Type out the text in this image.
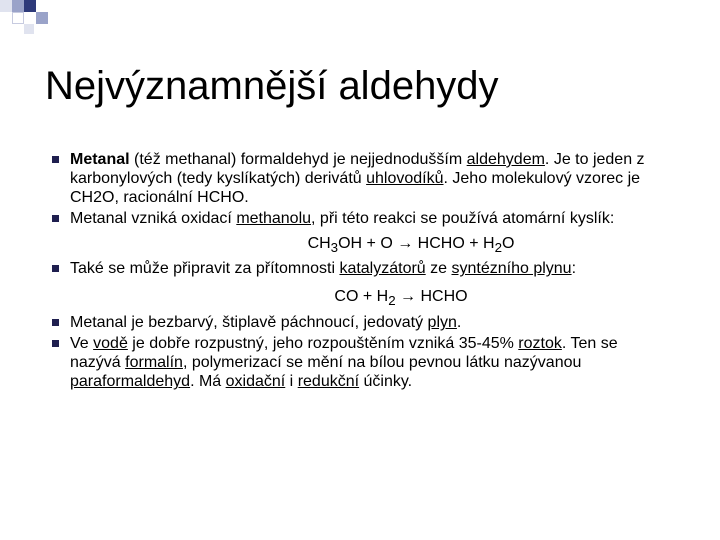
Nejvýznamnější aldehydy
Metanal (též methanal) formaldehyd je nejjednodušším aldehydem. Je to jeden z karbonylových (tedy kyslíkatých) derivátů uhlovodíků. Jeho molekulový vzorec je CH2O, racionální HCHO.
Metanal vzniká oxidací methanolu, při této reakci se používá atomární kyslík:
$CH_3OH + O$ → HCHO + $H_2O$
Také se může připravit za přítomnosti katalyzátorů ze syntézního plynu:
CO + $H_2$ → HCHO
Metanal je bezbarvý, štiplavě páchnoucí, jedovatý plyn.
Ve vodě je dobře rozpustný, jeho rozpouštěním vzniká 35-45% roztok. Ten se nazývá formalín, polymerizací se mění na bílou pevnou látku nazývanou paraformaldehyd. Má oxidační i redukční účinky.
